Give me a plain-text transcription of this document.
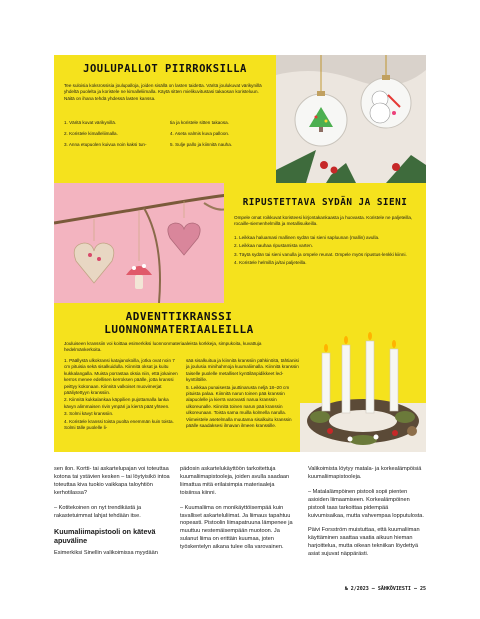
JOULUPALLOT PIIRROKSILLA

Tee suloisia koksrossisia joulupalloja, joiden sisällä on lasten taidetta. Väritä joulukuvat värikynillä yhdeltä puolelta ja koristele ne kimalleliimalla. Käytä sitten mielikuvitustasi takaosan koristeluun. Näitä on ihana tehdä yhdessä lasten kanssa.

1. Väritä kuvat värikynillä.
2. Koristele kimalleliimalla.
3. Anna etupuolen kuivua noin kaksi tun-
tia ja koristele sitten takaosa.
4. Aseta valmis kuva palloon.
5. Sulje pallo ja kiinnitä nauha.
RIPUSTETTAVA SYDÄN JA SIENI

Ompele omat roikkuvat koristeesi kirjontakankaasta ja huovasta. Koristele ne paljeteilla, rocaille-siemenhelmillä ja metallisuikeilla.

1. Leikkaa haluamasi mallinen sydän tai sieni sapluunan (mallin) avulla.
2. Leikkaa nauhaa ripustamista varten.
3. Täytä sydän tai sieni vanulla ja ompele reunat. Ompele myös ripustus-lenkki kiinni.
4. Koristele helmillä ja/tai paljeteilla.
ADVENTTIKRANSSI
LUONNONMATERIAALEILLA

Jouluiseen kranssiin voi koittaa esimerkiksi luonnonmateriaaleista korkkeja, simpukoita, kuvattuja hedelmänkerkoita.

1. Päällystä ulkokransi katajanokoilla, jotka ovat noin 7 cm pituisia sekä sisalkuidulla. Kiinnitä oksat ja kuitu kukkalangalla. Muista porrastaa oksia niin, että jokainen kerros menee edellisen kerroksen päälle, jotta kranssi peittyy kokonaan. Kiinnitä valkoiset muovimerjat pääliytettyyn kranssiin.
2. Kiinnitä kukkalankaa käppilien pujottamalla lanka kävyn alimmaisen rivin ympäri ja kierrä päät yhteen.
3. Solmi kävyt kranssiin.
4. Koristele kranssi toista puolta enemmän kuin toista. Solmi tälle puolelle li-
sää sisalkuitua ja kiinnitä kranssiin pähkinöitä, tähtianisi ja joulusia minihahmoja kuumaliimalla. Kiinnitä kranssin taiselle puolelle metalliset kynttilänpidikkeet led-kynttilöille.
5. Leikkaa punaisesta juuttinarusta neljä 18–20 cm pituista palaa. Kiinnitä narun toinen pää kranssin alapuolelle ja kierrä varovasti narua kranssin ulkoreunalle. Kiinnitä toinen narun pää kranssin ulkoreunaan. Toista sama muilla kolmella narulla. Viimeistele asetelmalla muutama sisalkuitu kranssin päälle saadaksesi ilmavan ilmeen kranssille.

sen ilon. Kortti- tai askartelupajan voi toteuttaa kotona tai ystävien kesken – tai löytyisikö intoa toteuttaa kiva tuokio vaikkapa taloyhtiön kerhotilassa?

– Kotitekoinen on nyt trendikästä ja rakastetuimmat lahjat tehdään itse.

Kuumaliimapistooli on kätevä apuväline

Esimerkiksi Sinellin valikoimissa myydään

pädosin askartelukäyttöön tarkoitettuja kuumaliimapistooleja, joiden avulla saadaan liimattua mitä erilaisimpia materiaaleja toisiinsa kiinni.

– Kuumaliima on monikäyttöisempää kuin tavalliset askarteluliimat. Ja liimaus tapahtuu nopeasti. Pistoolin liimapatruuna lämpenee ja muuttuu nestemäisempään muotoon. Ja sulanut liima on erittäin kuumaa, joten työskentelyn aikana tulee olla varovainen.

Valikoimista löytyy matala- ja korkealämpöisiä kuumaliimapistooleja.

– Matalalämpöinen pistooli sopii pienten asioiden liimaamiseen. Korkealämpöinen pistooli taas tarkoittaa pidempää kuivumisaikaa, mutta vahvempaa lopputulosta.

Päivi Forsström muistuttaa, että kuumaliiman käyttäminen saattaa vaatia aikuun hieman harjoittelua, mutta oikean tekniikan löydettyä asiat sujuvat näppärästi.

№ 2/2023 – SÄHKÖVIESTI – 25
